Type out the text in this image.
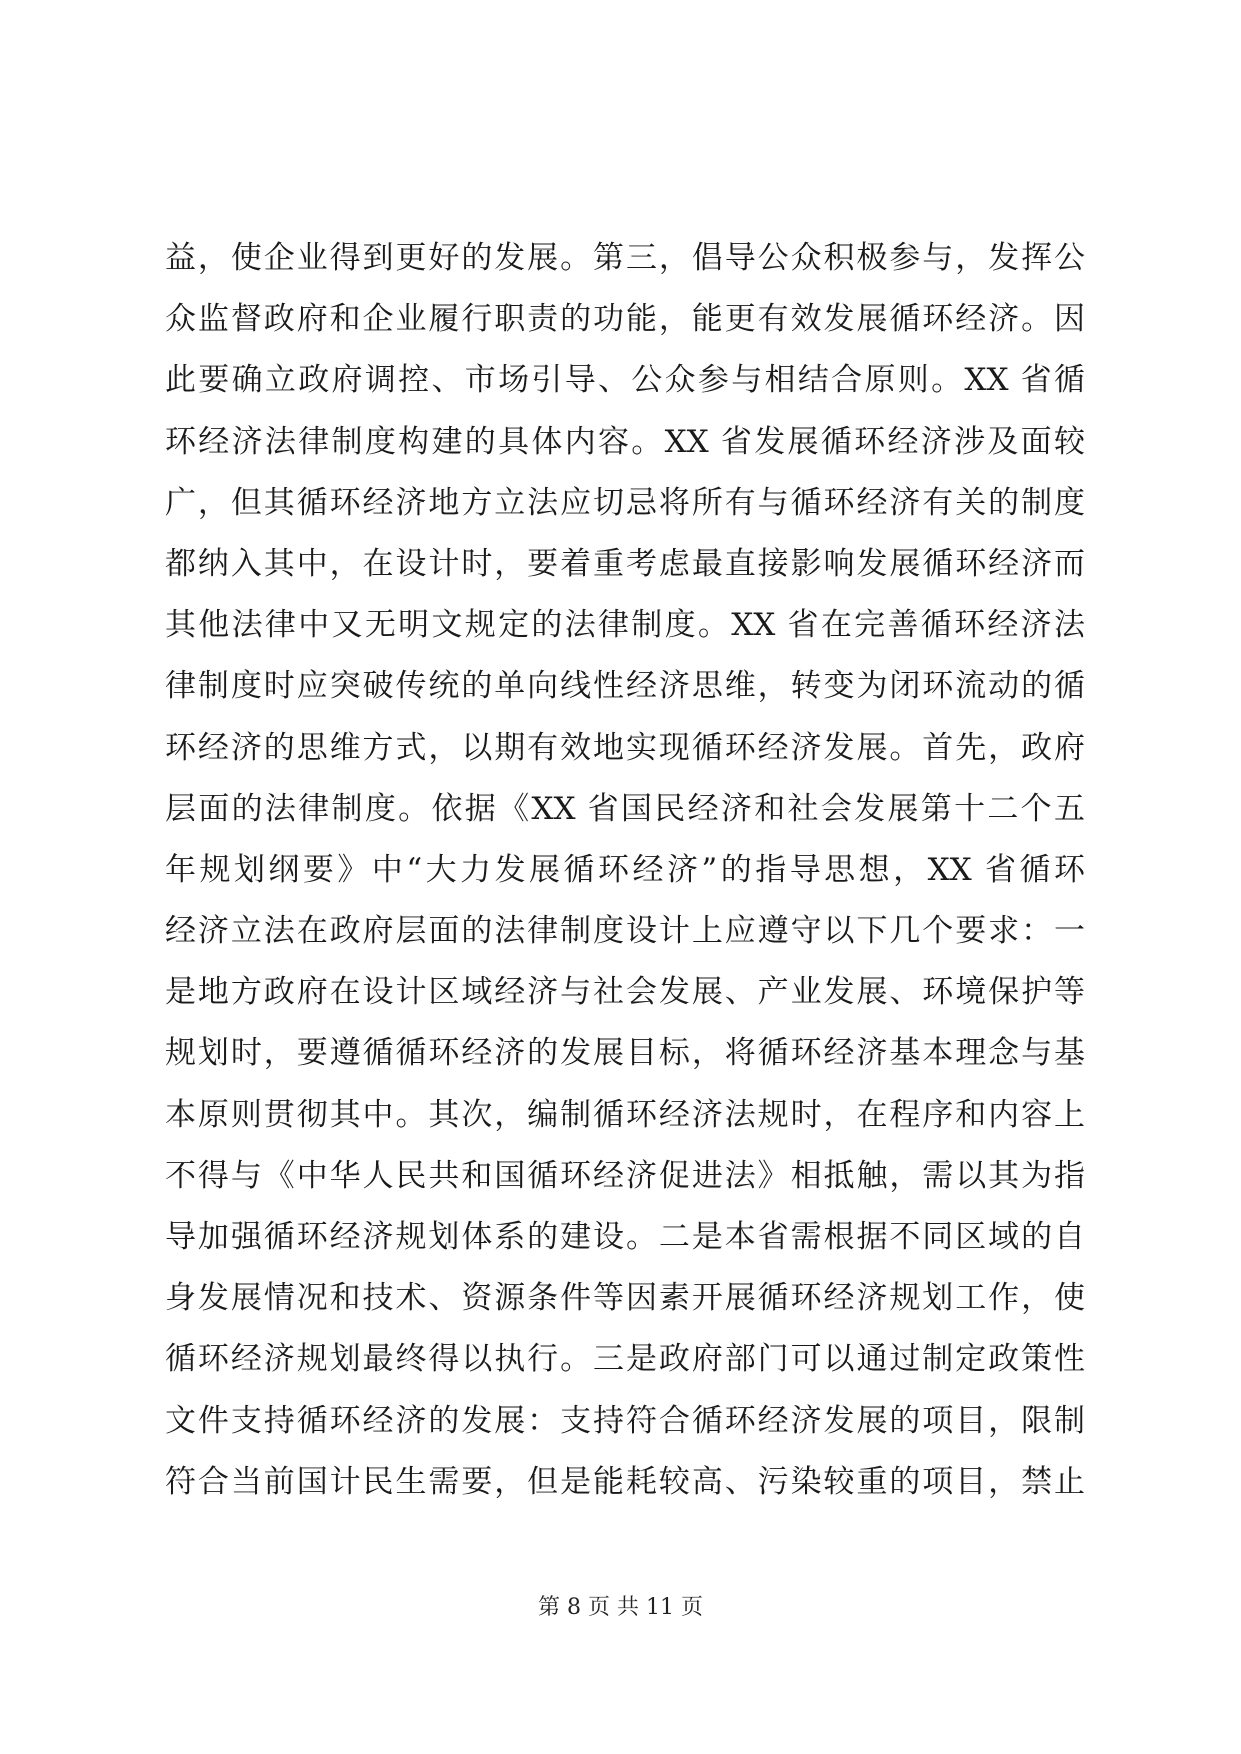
益，使企业得到更好的发展。第三，倡导公众积极参与，发挥公
众监督政府和企业履行职责的功能，能更有效发展循环经济。因
此要确立政府调控、市场引导、公众参与相结合原则。XX 省循
环经济法律制度构建的具体内容。XX 省发展循环经济涉及面较
广，但其循环经济地方立法应切忌将所有与循环经济有关的制度
都纳入其中，在设计时，要着重考虑最直接影响发展循环经济而
其他法律中又无明文规定的法律制度。XX 省在完善循环经济法
律制度时应突破传统的单向线性经济思维，转变为闭环流动的循
环经济的思维方式，以期有效地实现循环经济发展。首先，政府
层面的法律制度。依据《XX 省国民经济和社会发展第十二个五
年规划纲要》中“大力发展循环经济”的指导思想，XX 省循环
经济立法在政府层面的法律制度设计上应遵守以下几个要求：一
是地方政府在设计区域经济与社会发展、产业发展、环境保护等
规划时，要遵循循环经济的发展目标，将循环经济基本理念与基
本原则贯彻其中。其次，编制循环经济法规时，在程序和内容上
不得与《中华人民共和国循环经济促进法》相抵触，需以其为指
导加强循环经济规划体系的建设。二是本省需根据不同区域的自
身发展情况和技术、资源条件等因素开展循环经济规划工作，使
循环经济规划最终得以执行。三是政府部门可以通过制定政策性
文件支持循环经济的发展：支持符合循环经济发展的项目，限制
符合当前国计民生需要，但是能耗较高、污染较重的项目，禁止
第 8 页 共 11 页
